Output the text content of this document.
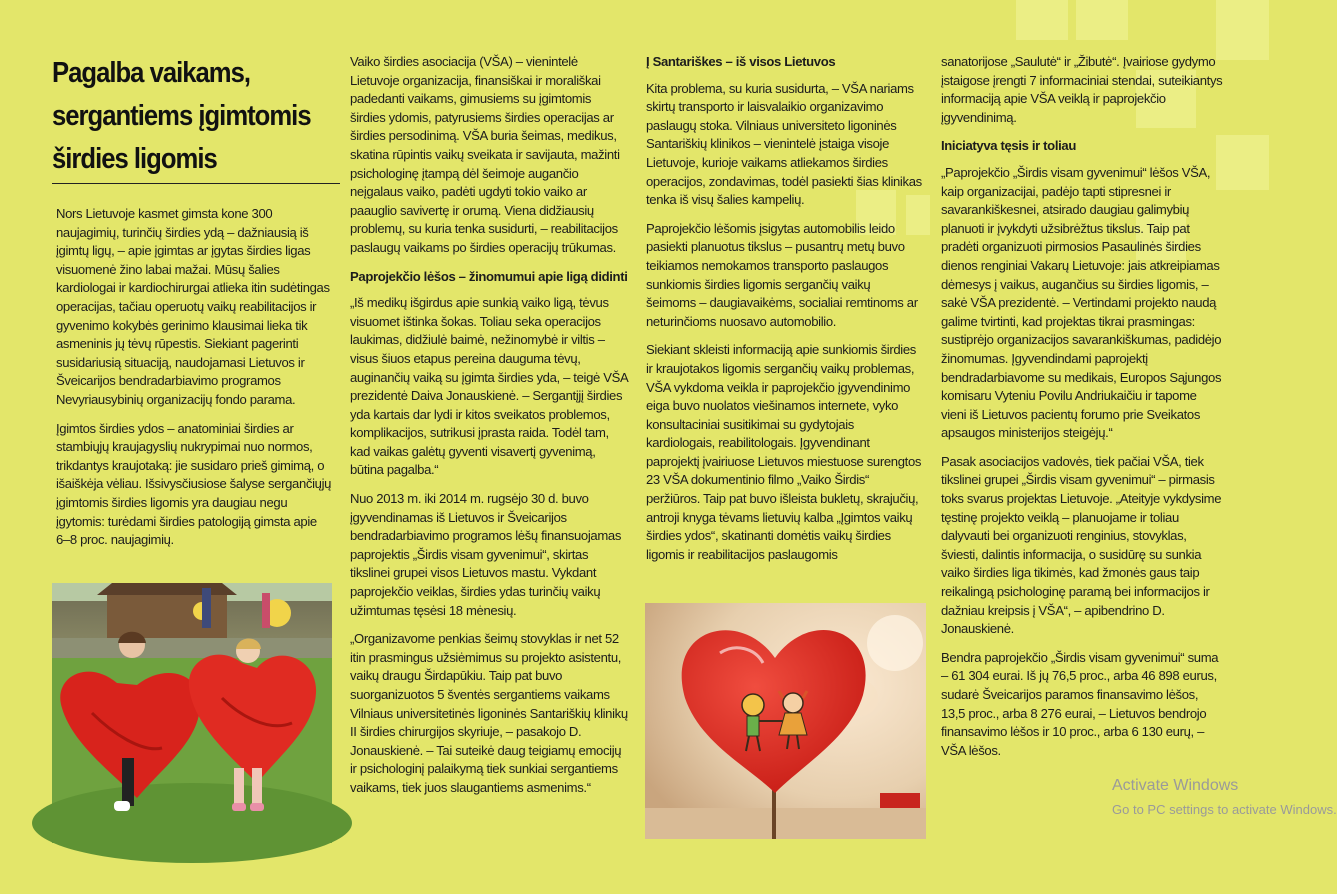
Pagalba vaikams, sergantiems įgimtomis širdies ligomis

Nors Lietuvoje kasmet gimsta kone 300 naujagimių, turinčių širdies ydą – dažniausią iš įgimtų ligų, – apie įgimtas ar įgytas širdies ligas visuomenė žino labai mažai. Mūsų šalies kardiologai ir kardiochirurgai atlieka itin sudėtingas operacijas, tačiau operuotų vaikų reabilitacijos ir gyvenimo kokybės gerinimo klausimai lieka tik asmeninis jų tėvų rūpestis. Siekiant pagerinti susidariusią situaciją, naudojamasi Lietuvos ir Šveicarijos bendradarbiavimo programos Nevyriausybinių organizacijų fondo parama.

Įgimtos širdies ydos – anatominiai širdies ar stambiųjų kraujagyslių nukrypimai nuo normos, trikdantys kraujotaką: jie susidaro prieš gimimą, o išaiškėja vėliau. Išsivysčiusiose šalyse sergančiųjų įgimtomis širdies ligomis yra daugiau negu įgytomis: turėdami širdies patologiją gimsta apie 6–8 proc. naujagimių.

Vaiko širdies asociacija (VŠA) – vienintelė Lietuvoje organizacija, finansiškai ir morališkai padedanti vaikams, gimusiems su įgimtomis širdies ydomis, patyrusiems širdies operacijas ar širdies persodinimą. VŠA buria šeimas, medikus, skatina rūpintis vaikų sveikata ir savijauta, mažinti psichologinę įtampą dėl šeimoje augančio neįgalaus vaiko, padėti ugdyti tokio vaiko ar paauglio savivertę ir orumą. Viena didžiausių problemų, su kuria tenka susidurti, – reabilitacijos paslaugų vaikams po širdies operacijų trūkumas.

Paprojekčio lėšos – žinomumui apie ligą didinti

„Iš medikų išgirdus apie sunkią vaiko ligą, tėvus visuomet ištinka šokas. Toliau seka operacijos laukimas, didžiulė baimė, nežinomybė ir viltis – visus šiuos etapus pereina dauguma tėvų, auginančių vaiką su įgimta širdies yda, – teigė VŠA prezidentė Daiva Jonauskienė. – Sergantįjį širdies yda kartais dar lydi ir kitos sveikatos problemos, komplikacijos, sutrikusi įprasta raida. Todėl tam, kad vaikas galėtų gyventi visavertį gyvenimą, būtina pagalba.“

Nuo 2013 m. iki 2014 m. rugsėjo 30 d. buvo įgyvendinamas iš Lietuvos ir Šveicarijos bendradarbiavimo programos lėšų finansuojamas paprojektis „Širdis visam gyvenimui“, skirtas tikslinei grupei visos Lietuvos mastu. Vykdant paprojekčio veiklas, širdies ydas turinčių vaikų užimtumas tęsėsi 18 mėnesių.

„Organizavome penkias šeimų stovyklas ir net 52 itin prasmingus užsiėmimus su projekto asistentu, vaikų draugu Širdapūkiu. Taip pat buvo suorganizuotos 5 šventės sergantiems vaikams Vilniaus universitetinės ligoninės Santariškių klinikų II širdies chirurgijos skyriuje, – pasakojo D. Jonauskienė. – Tai suteikė daug teigiamų emocijų ir psichologinį palaikymą tiek sunkiai sergantiems vaikams, tiek juos slaugantiems asmenims.“

Į Santariškes – iš visos Lietuvos

Kita problema, su kuria susidurta, – VŠA nariams skirtų transporto ir laisvalaikio organizavimo paslaugų stoka. Vilniaus universiteto ligoninės Santariškių klinikos – vienintelė įstaiga visoje Lietuvoje, kurioje vaikams atliekamos širdies operacijos, zondavimas, todėl pasiekti šias klinikas tenka iš visų šalies kampelių.

Paprojekčio lėšomis įsigytas automobilis leido pasiekti planuotus tikslus – pusantrų metų buvo teikiamos nemokamos transporto paslaugos sunkiomis širdies ligomis sergančių vaikų šeimoms – daugiavaikėms, socialiai remtinoms ar neturinčioms nuosavo automobilio.

Siekiant skleisti informaciją apie sunkiomis širdies ir kraujotakos ligomis sergančių vaikų problemas, VŠA vykdoma veikla ir paprojekčio įgyvendinimo eiga buvo nuolatos viešinamos internete, vyko konsultaciniai susitikimai su gydytojais kardiologais, reabilitologais. Įgyvendinant paprojektį įvairiuose Lietuvos miestuose surengtos 23 VŠA dokumentinio filmo „Vaiko Širdis“ peržiūros. Taip pat buvo išleista bukletų, skrajučių, antroji knyga tėvams lietuvių kalba „Įgimtos vaikų širdies ydos“, skatinanti domėtis vaikų širdies ligomis ir reabilitacijos paslaugomis

sanatorijose „Saulutė“ ir „Žibutė“. Įvairiose gydymo įstaigose įrengti 7 informaciniai stendai, suteikiantys informaciją apie VŠA veiklą ir paprojekčio įgyvendinimą.

Iniciatyva tęsis ir toliau

„Paprojekčio „Širdis visam gyvenimui“ lėšos VŠA, kaip organizacijai, padėjo tapti stipresnei ir savarankiškesnei, atsirado daugiau galimybių planuoti ir įvykdyti užsibrėžtus tikslus. Taip pat pradėti organizuoti pirmosios Pasaulinės širdies dienos renginiai Vakarų Lietuvoje: jais atkreipiamas dėmesys į vaikus, augančius su širdies ligomis, – sakė VŠA prezidentė. – Vertindami projekto naudą galime tvirtinti, kad projektas tikrai prasmingas: sustiprėjo organizacijos savarankiškumas, padidėjo žinomumas. Įgyvendindami paprojektį bendradarbiavome su medikais, Europos Sąjungos komisaru Vyteniu Povilu Andriukaičiu ir tapome vieni iš Lietuvos pacientų forumo prie Sveikatos apsaugos ministerijos steigėjų.“

Pasak asociacijos vadovės, tiek pačiai VŠA, tiek tikslinei grupei „Širdis visam gyvenimui“ – pirmasis toks svarus projektas Lietuvoje. „Ateityje vykdysime tęstinę projekto veiklą – planuojame ir toliau dalyvauti bei organizuoti renginius, stovyklas, šviesti, dalintis informacija, o susidūrę su sunkia vaiko širdies liga tikimės, kad žmonės gaus taip reikalingą psichologinę paramą bei informacijos ir dažniau kreipsis į VŠA“, – apibendrino D. Jonauskienė.

Bendra paprojekčio „Širdis visam gyvenimui“ suma – 61 304 eurai. Iš jų 76,5 proc., arba 46 898 eurus, sudarė Šveicarijos paramos finansavimo lėšos, 13,5 proc., arba 8 276 eurai, – Lietuvos bendrojo finansavimo lėšos ir 10 proc., arba 6 130 eurų, – VŠA lėšos.

Activate Windows
Go to PC settings to activate Windows.
